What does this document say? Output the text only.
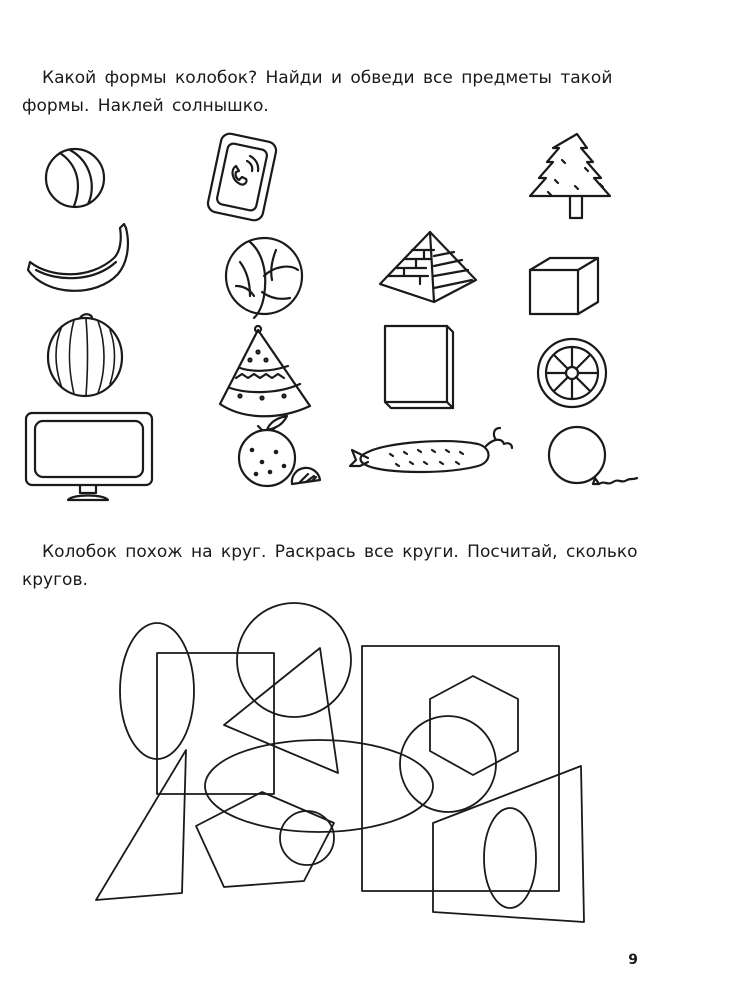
Какой формы колобок? Найди и обведи все предметы такой формы. Наклей солнышко.

Колобок похож на круг. Раскрась все круги. Посчитай, сколько кругов.

9
